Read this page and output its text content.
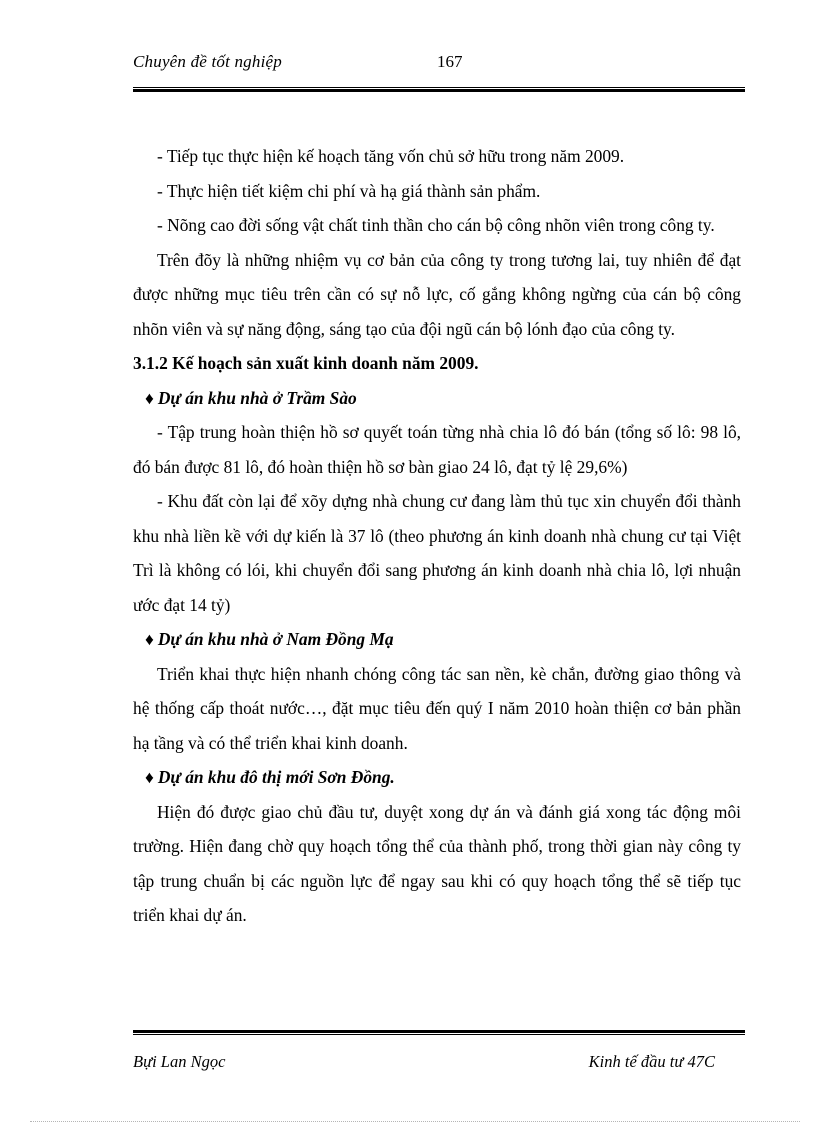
Chuyên đề tốt nghiệp	167

- Tiếp tục thực hiện kế hoạch tăng vốn chủ sở hữu trong năm 2009.

- Thực hiện tiết kiệm chi phí và hạ giá thành sản phẩm.

- Nõng cao đời sống vật chất tinh thần cho cán bộ công nhõn viên trong công ty.

Trên đõy là những nhiệm vụ cơ bản của công ty trong tương lai, tuy nhiên để đạt được những mục tiêu trên cần có sự nỗ lực, cố gắng không ngừng của cán bộ công nhõn viên và sự năng động, sáng tạo của đội ngũ cán bộ lónh đạo của công ty.

3.1.2 Kế hoạch sản xuất kinh doanh năm 2009.

♦ Dự án khu nhà ở Trầm Sào

- Tập trung hoàn thiện hồ sơ quyết toán từng nhà chia lô đó bán (tổng số lô: 98 lô, đó bán được 81 lô, đó hoàn thiện hồ sơ bàn giao 24 lô, đạt tỷ lệ 29,6%)

- Khu đất còn lại để xõy dựng nhà chung cư đang làm thủ tục xin chuyển đổi thành khu nhà liền kề với dự kiến là 37 lô (theo phương án kinh doanh nhà chung cư tại Việt Trì là không có lói, khi chuyển đổi sang phương án kinh doanh nhà chia lô, lợi nhuận ước đạt 14 tỷ)

♦ Dự án khu nhà ở Nam Đồng Mạ

Triển khai thực hiện nhanh chóng công tác san nền, kè chắn, đường giao thông và hệ thống cấp thoát nước…, đặt mục tiêu đến quý I năm 2010 hoàn thiện cơ bản phần hạ tầng và có thể triển khai kinh doanh.

♦ Dự án khu đô thị mới Sơn Đồng.

Hiện đó được giao chủ đầu tư, duyệt xong dự án và đánh giá xong tác động môi trường. Hiện đang chờ quy hoạch tổng thể của thành phố, trong thời gian này công ty tập trung chuẩn bị các nguồn lực để ngay sau khi có quy hoạch tổng thể sẽ tiếp tục triển khai dự án.

Bựi Lan Ngọc	Kinh tế đầu tư 47C
